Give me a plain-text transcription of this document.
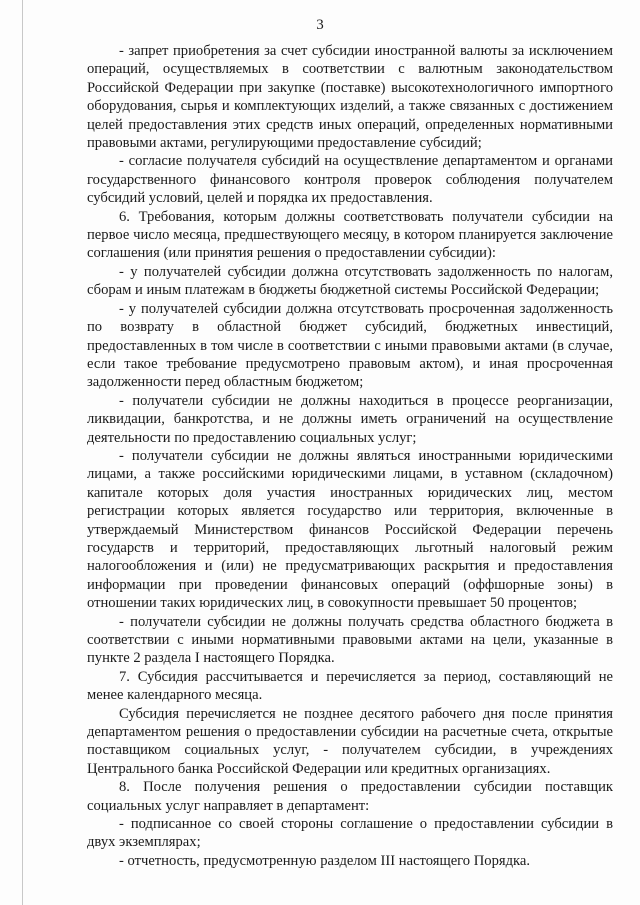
3

- запрет приобретения за счет субсидии иностранной валюты за исключением операций, осуществляемых в соответствии с валютным законодательством Российской Федерации при закупке (поставке) высокотехнологичного импортного оборудования, сырья и комплектующих изделий, а также связанных с достижением целей предоставления этих средств иных операций, определенных нормативными правовыми актами, регулирующими предоставление субсидий;

- согласие получателя субсидий на осуществление департаментом и органами государственного финансового контроля проверок соблюдения получателем субсидий условий, целей и порядка их предоставления.

6. Требования, которым должны соответствовать получатели субсидии на первое число месяца, предшествующего месяцу, в котором планируется заключение соглашения (или принятия решения о предоставлении субсидии):

- у получателей субсидии должна отсутствовать задолженность по налогам, сборам и иным платежам в бюджеты бюджетной системы Российской Федерации;

- у получателей субсидии должна отсутствовать просроченная задолженность по возврату в областной бюджет субсидий, бюджетных инвестиций, предоставленных в том числе в соответствии с иными правовыми актами (в случае, если такое требование предусмотрено правовым актом), и иная просроченная задолженности перед областным бюджетом;

- получатели субсидии не должны находиться в процессе реорганизации, ликвидации, банкротства, и не должны иметь ограничений на осуществление деятельности по предоставлению социальных услуг;

- получатели субсидии не должны являться иностранными юридическими лицами, а также российскими юридическими лицами, в уставном (складочном) капитале которых доля участия иностранных юридических лиц, местом регистрации которых является государство или территория, включенные в утверждаемый Министерством финансов Российской Федерации перечень государств и территорий, предоставляющих льготный налоговый режим налогообложения и (или) не предусматривающих раскрытия и предоставления информации при проведении финансовых операций (оффшорные зоны) в отношении таких юридических лиц, в совокупности превышает 50 процентов;

- получатели субсидии не должны получать средства областного бюджета в соответствии с иными нормативными правовыми актами на цели, указанные в пункте 2 раздела I настоящего Порядка.

7. Субсидия рассчитывается и перечисляется за период, составляющий не менее календарного месяца.

Субсидия перечисляется не позднее десятого рабочего дня после принятия департаментом решения о предоставлении субсидии на расчетные счета, открытые поставщиком социальных услуг, - получателем субсидии, в учреждениях Центрального банка Российской Федерации или кредитных организациях.

8. После получения решения о предоставлении субсидии поставщик социальных услуг направляет в департамент:

- подписанное со своей стороны соглашение о предоставлении субсидии в двух экземплярах;

- отчетность, предусмотренную разделом III настоящего Порядка.
